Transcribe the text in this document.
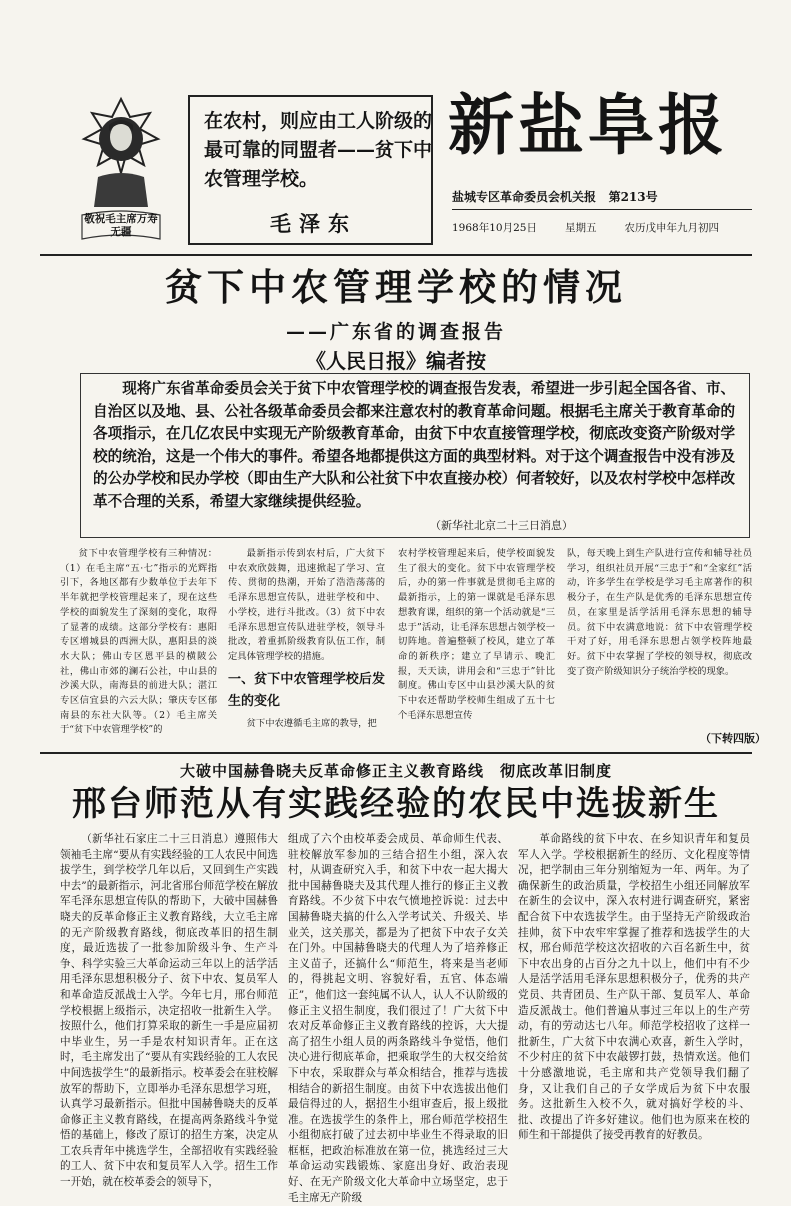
敬祝毛主席万寿无疆
在农村，则应由工人阶级的最可靠的同盟者——贫下中农管理学校。
毛泽东
新盐阜报
盐城专区革命委员会机关报 第213号
1968年10月25日	星期五	农历戊申年九月初四
贫下中农管理学校的情况
——广东省的调查报告
《人民日报》编者按
现将广东省革命委员会关于贫下中农管理学校的调查报告发表，希望进一步引起全国各省、市、自治区以及地、县、公社各级革命委员会都来注意农村的教育革命问题。根据毛主席关于教育革命的各项指示，在几亿农民中实现无产阶级教育革命，由贫下中农直接管理学校，彻底改变资产阶级对学校的统治，这是一个伟大的事件。希望各地都提供这方面的典型材料。对于这个调查报告中没有涉及的公办学校和民办学校（即由生产大队和公社贫下中农直接办校）何者较好，以及农村学校中怎样改革不合理的关系，希望大家继续提供经验。
（新华社北京二十三日消息）
贫下中农管理学校有三种情况：（1）在毛主席“五·七”指示的光辉指引下，各地区都有少数单位于去年下半年就把学校管理起来了，现在这些学校的面貌发生了深刻的变化，取得了显著的成绩。这部分学校有：惠阳专区增城县的西洲大队，惠阳县的淡水大队；佛山专区恩平县的横陂公社，佛山市郊的澜石公社，中山县的沙溪大队，南海县的前进大队；湛江专区信宜县的六云大队；肇庆专区郁南县的东社大队等。（2）毛主席关于“贫下中农管理学校”的

最新指示传到农村后，广大贫下中农欢欣鼓舞，迅速掀起了学习、宣传、贯彻的热潮，开始了浩浩荡荡的毛泽东思想宣传队，进驻学校和中、小学校，进行斗批改。（3）贫下中农毛泽东思想宣传队进驻学校，领导斗批改，着重抓阶级教育队伍工作，制定具体管理学校的措施。

一、贫下中农管理学校后发生的变化

贫下中农遵循毛主席的教导，把

农村学校管理起来后，使学校面貌发生了很大的变化。贫下中农管理学校后，办的第一件事就是贯彻毛主席的最新指示，上的第一课就是毛泽东思想教育课，组织的第一个活动就是“三忠于”活动，让毛泽东思想占领学校一切阵地。普遍整顿了校风，建立了革命的新秩序；建立了早请示、晚汇报，天天读，讲用会和“三忠于”针比制度。佛山专区中山县沙溪大队的贫下中农还帮助学校师生组成了五十七个毛泽东思想宣传
队，每天晚上到生产队进行宣传和辅导社员学习，组织社员开展“三忠于”和“全家红”活动，许多学生在学校是学习毛主席著作的积极分子，在生产队是优秀的毛泽东思想宣传员，在家里是活学活用毛泽东思想的辅导员。贫下中农满意地说：贫下中农管理学校干对了好，用毛泽东思想占领学校阵地最好。贫下中农掌握了学校的领导权，彻底改变了资产阶级知识分子统治学校的现象。
（下转四版）
大破中国赫鲁晓夫反革命修正主义教育路线　彻底改革旧制度
邢台师范从有实践经验的农民中选拔新生
（新华社石家庄二十三日消息）遵照伟大领袖毛主席“要从有实践经验的工人农民中间选拔学生，到学校学几年以后，又回到生产实践中去”的最新指示，河北省邢台师范学校在解放军毛泽东思想宣传队的帮助下，大破中国赫鲁晓夫的反革命修正主义教育路线，大立毛主席的无产阶级教育路线，彻底改革旧的招生制度，最近选拔了一批参加阶级斗争、生产斗争、科学实验三大革命运动三年以上的活学活用毛泽东思想积极分子、贫下中农、复员军人和革命造反派战士入学。今年七月，邢台师范学校根据上级指示，决定招收一批新生入学。按照什么，他们打算采取的新生一手是应届初中毕业生，另一手是农村知识青年。正在这时，毛主席发出了“要从有实践经验的工人农民中间选拔学生”的最新指示。校革委会在驻校解放军的帮助下，立即举办毛泽东思想学习班，认真学习最新指示。但批中国赫鲁晓夫的反革命修正主义教育路线，在提高两条路线斗争觉悟的基础上，修改了原订的招生方案，决定从工农兵青年中挑选学生，全部招收有实践经验的工人、贫下中农和复员军人入学。招生工作一开始，就在校革委会的领导下，
组成了六个由校革委会成员、革命师生代表、驻校解放军参加的三结合招生小组，深入农村，从调查研究入手，和贫下中农一起大揭大批中国赫鲁晓夫及其代理人推行的修正主义教育路线。不少贫下中农气愤地控诉说：过去中国赫鲁晓夫搞的什么入学考试关、升级关、毕业关，这关那关，都是为了把贫下中农子女关在门外。中国赫鲁晓夫的代理人为了培养修正主义苗子，还搞什么“师范生，将来是当老师的，得挑起文明、容貌好看，五官、体态端正”，他们这一套纯属不认人，认人不认阶级的修正主义招生制度，我们很过了！广大贫下中农对反革命修正主义教育路线的控诉，大大提高了招生小组人员的两条路线斗争觉悟，他们决心进行彻底革命，把乘取学生的大权交给贫下中农，采取群众与革众相结合，推荐与选拔相结合的新招生制度。由贫下中农选拔出他们最信得过的人，据招生小组审查后，报上级批准。在选拔学生的条件上，邢台师范学校招生小组彻底打破了过去初中毕业生不得录取的旧框框，把政治标准放在第一位，挑选经过三大革命运动实践锻炼、家庭出身好、政治表现好、在无产阶级文化大革命中立场坚定，忠于毛主席无产阶级
革命路线的贫下中农、在乡知识青年和复员军人入学。学校根据新生的经历、文化程度等情况，把学制由三年分别缩短为一年、两年。为了确保新生的政治质量，学校招生小组还同解放军在新生的会议中，深入农村进行调查研究，紧密配合贫下中农选拔学生。由于坚持无产阶级政治挂帅，贫下中农牢牢掌握了推荐和选拔学生的大权，邢台师范学校这次招收的六百名新生中，贫下中农出身的占百分之九十以上，他们中有不少人是活学活用毛泽东思想积极分子，优秀的共产党员、共青团员、生产队干部、复员军人、革命造反派战士。他们普遍从事过三年以上的生产劳动，有的劳动达七八年。师范学校招收了这样一批新生，广大贫下中农满心欢喜，新生入学时，不少村庄的贫下中农敲锣打鼓，热情欢送。他们十分感激地说，毛主席和共产党领导我们翻了身，又让我们自己的子女学成后为贫下中农服务。这批新生入校不久，就对搞好学校的斗、批、改提出了许多好建议。他们也为原来在校的师生和干部提供了接受再教育的好教员。
